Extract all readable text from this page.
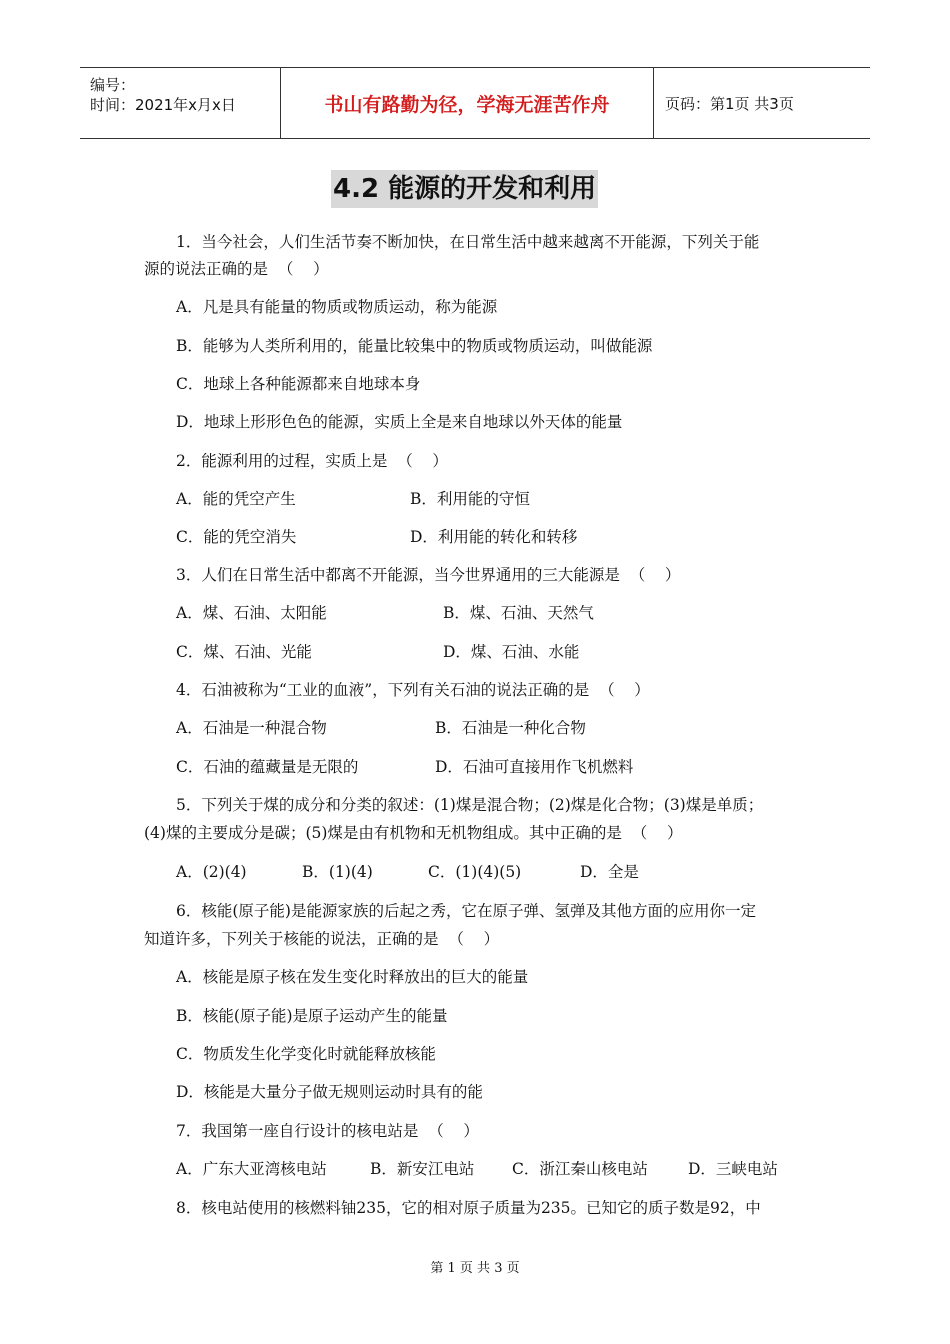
编号：
时间：2021年x月x日	书山有路勤为径，学海无涯苦作舟	页码：第1页 共3页
4.2 能源的开发和利用
1．当今社会，人们生活节奏不断加快，在日常生活中越来越离不开能源，下列关于能
源的说法正确的是  （    ）
A．凡是具有能量的物质或物质运动，称为能源
B．能够为人类所利用的，能量比较集中的物质或物质运动，叫做能源
C．地球上各种能源都来自地球本身
D．地球上形形色色的能源，实质上全是来自地球以外天体的能量
2．能源利用的过程，实质上是  （    ）
A．能的凭空产生	B．利用能的守恒
C．能的凭空消失	D．利用能的转化和转移
3．人们在日常生活中都离不开能源，当今世界通用的三大能源是  （    ）
A．煤、石油、太阳能	B．煤、石油、天然气
C．煤、石油、光能	D．煤、石油、水能
4．石油被称为“工业的血液”，下列有关石油的说法正确的是  （    ）
A．石油是一种混合物	B．石油是一种化合物
C．石油的蕴藏量是无限的	D．石油可直接用作飞机燃料
5．下列关于煤的成分和分类的叙述：(1)煤是混合物；(2)煤是化合物；(3)煤是单质；
(4)煤的主要成分是碳；(5)煤是由有机物和无机物组成。其中正确的是  （    ）
A．(2)(4)	B．(1)(4)	C．(1)(4)(5)	D．全是
6．核能(原子能)是能源家族的后起之秀，它在原子弹、氢弹及其他方面的应用你一定
知道许多，下列关于核能的说法，正确的是  （    ）
A．核能是原子核在发生变化时释放出的巨大的能量
B．核能(原子能)是原子运动产生的能量
C．物质发生化学变化时就能释放核能
D．核能是大量分子做无规则运动时具有的能
7．我国第一座自行设计的核电站是  （    ）
A．广东大亚湾核电站	B．新安江电站 C．浙江秦山核电站	D．三峡电站
8．核电站使用的核燃料铀235，它的相对原子质量为235。已知它的质子数是92，中
第 1 页 共 3 页
